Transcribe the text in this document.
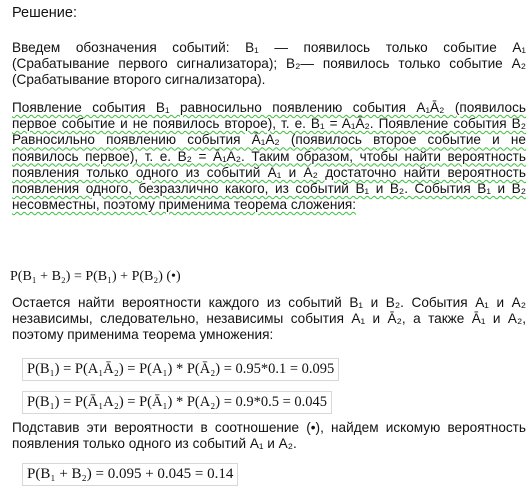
Решение:

Введем обозначения событий: B₁ — появилось только событие A₁ (Срабатывание первого сигнализатора); B₂— появилось только событие A₂ (Срабатывание второго сигнализатора).

Появление события B₁ равносильно появлению события A₁Ā₂ (появилось первое событие и не появилось второе), т. е. B₁ = A₁Ā₂. Появление события B₂ Равносильно появлению события Ā₁A₂ (появилось второе событие и не появилось первое), т. е. B₂ = Ā₁A₂. Таким образом, чтобы найти вероятность появления только одного из событий A₁ и A₂ достаточно найти вероятность появления одного, безразлично какого, из событий B₁ и B₂. События B₁ и B₂ несовместны, поэтому применима теорема сложения:

P(B₁ + B₂) = P(B₁) + P(B₂) (•)

Остается найти вероятности каждого из событий B₁ и B₂. События A₁ и A₂ независимы, следовательно, независимы события A₁ и Ā₂, а также Ā₁ и A₂, поэтому применима теорема умножения:

P(B₁) = P(A₁Ā₂) = P(A₁) * P(Ā₂) = 0.95*0.1 = 0.095
P(B₁) = P(Ā₁A₂) = P(Ā₁) * P(A₂) = 0.9*0.5 = 0.045

Подставив эти вероятности в соотношение (•), найдем искомую вероятность появления только одного из событий A₁ и A₂.

P(B₁ + B₂) = 0.095 + 0.045 = 0.14
